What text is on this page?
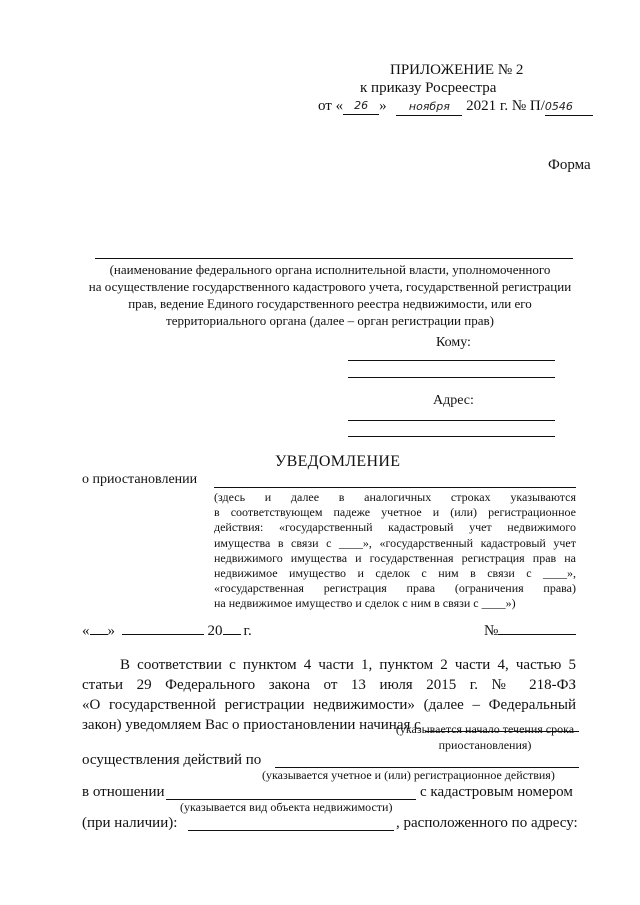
ПРИЛОЖЕНИЕ № 2
к приказу Росреестра
от « 26 » ноября 2021 г. № П/0546
Форма
(наименование федерального органа исполнительной власти, уполномоченного
на осуществление государственного кадастрового учета, государственной регистрации
прав, ведение Единого государственного реестра недвижимости, или его
территориального органа (далее – орган регистрации прав)
Кому:
Адрес:
УВЕДОМЛЕНИЕ
о приостановлении
(здесь и далее в аналогичных строках указываются
в соответствующем падеже учетное и (или) регистрационное
действия: «государственный кадастровый учет недвижимого
имущества в связи с ____», «государственный кадастровый учет
недвижимого имущества и государственная регистрация прав на
недвижимое имущество и сделок с ним в связи с ____»,
«государственная регистрация права (ограничения права)
на недвижимое имущество и сделок с ним в связи с ____»)
« »	20 г.	№
В соответствии с пунктом 4 части 1, пунктом 2 части 4, частью 5
статьи 29 Федерального закона от 13 июля 2015 г. № 218-ФЗ
«О государственной регистрации недвижимости» (далее – Федеральный
закон) уведомляем Вас о приостановлении начиная с
(указывается начало течения срока
приостановления)
осуществления действий по
(указывается учетное и (или) регистрационное действия)
в отношении	с кадастровым номером
(указывается вид объекта недвижимости)
(при наличии):	, расположенного по адресу:
